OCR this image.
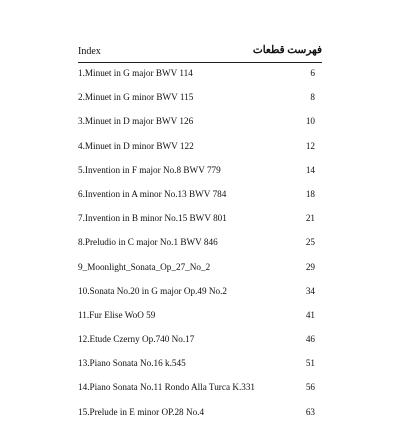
Index	فهرست قطعات
1.Minuet in G major BWV 114	6
2.Minuet in G minor BWV 115	8
3.Minuet in D major BWV 126	10
4.Minuet in D minor BWV 122	12
5.Invention in F major No.8 BWV 779	14
6.Invention in A minor No.13 BWV 784	18
7.Invention in B minor No.15 BWV 801	21
8.Preludio in C major No.1 BWV 846	25
9_Moonlight_Sonata_Op_27_No_2	29
10.Sonata No.20 in G major Op.49 No.2	34
11.Fur Elise WoO 59	41
12.Etude Czerny Op.740 No.17	46
13.Piano Sonata No.16 k.545	51
14.Piano Sonata No.11 Rondo Alla Turca K.331	56
15.Prelude in E minor OP.28 No.4	63
